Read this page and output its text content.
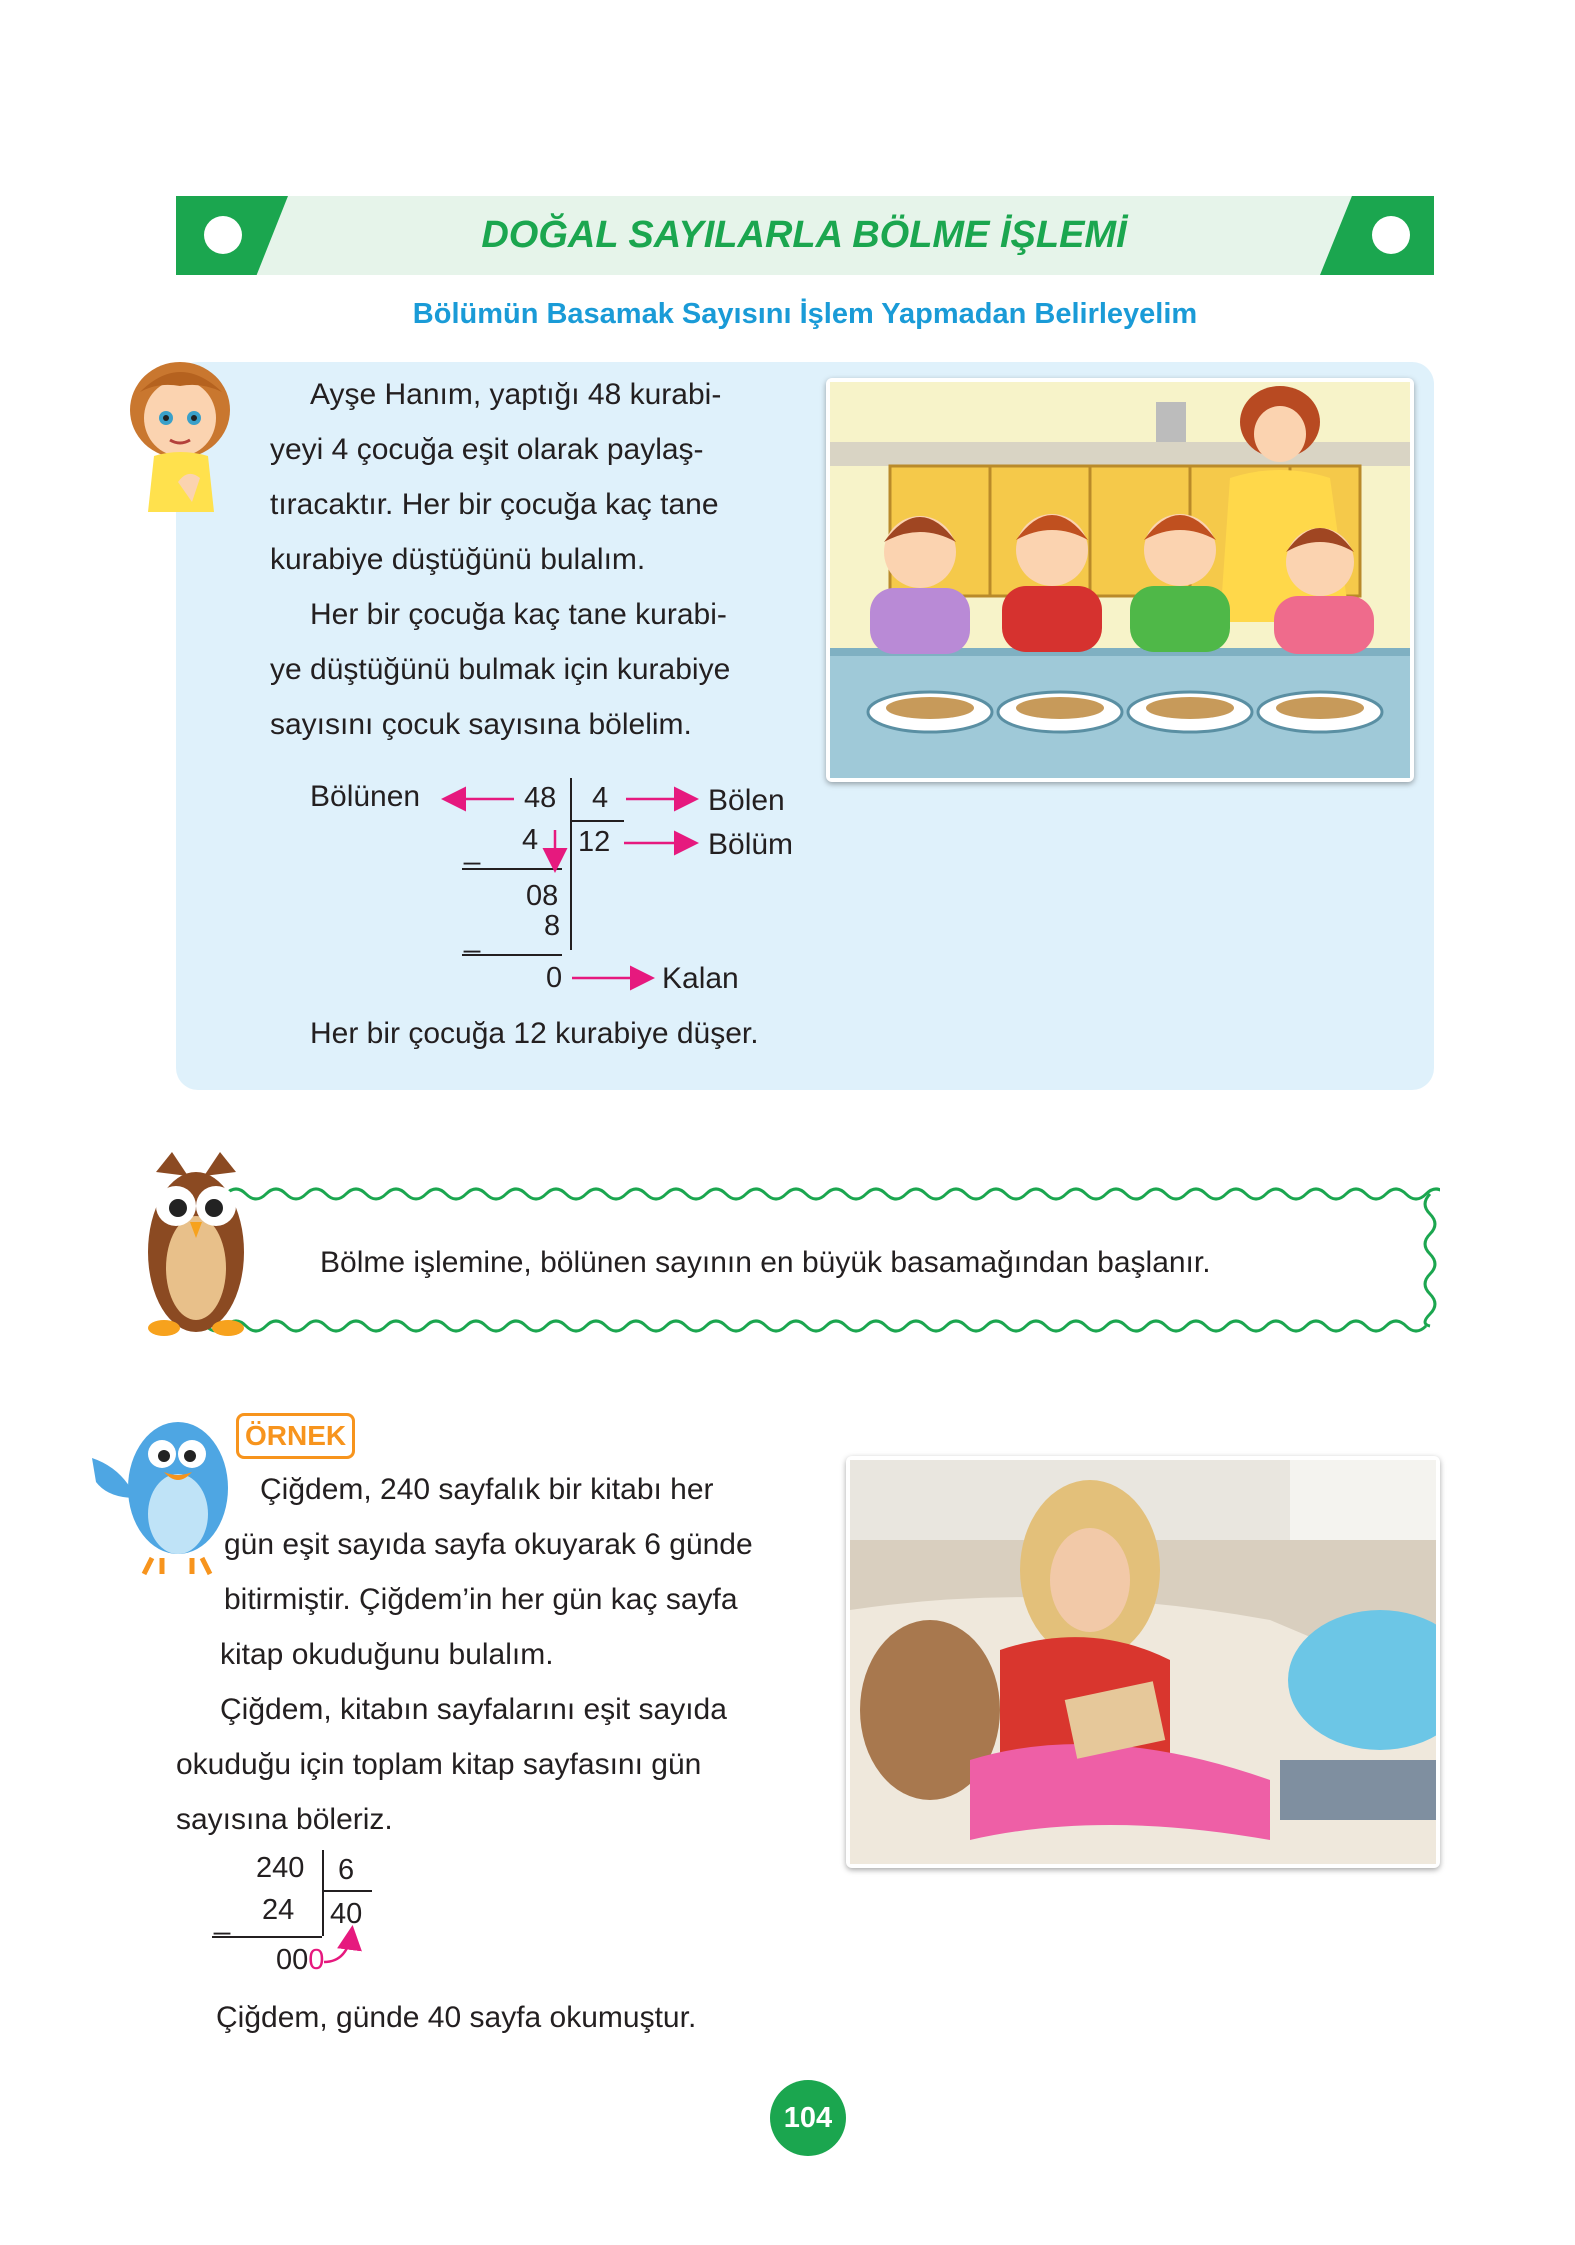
DOĞAL SAYILARLA BÖLME İŞLEMİ
Bölümün Basamak Sayısını İşlem Yapmadan Belirleyelim
Ayşe Hanım, yaptığı 48 kurabi-
yeyi 4 çocuğa eşit olarak paylaş-
tıracaktır. Her bir çocuğa kaç tane
kurabiye düştüğünü bulalım.
Her bir çocuğa kaç tane kurabi-
ye düştüğünü bulmak için kurabiye
sayısını çocuk sayısına bölelim.
Bölünen	48 4	Bölen
4 12	Bölüm
_
08
8
_
0	Kalan
Her bir çocuğa 12 kurabiye düşer.
Bölme işlemine, bölünen sayının en büyük basamağından başlanır.
ÖRNEK
Çiğdem, 240 sayfalık bir kitabı her
gün eşit sayıda sayfa okuyarak 6 günde
bitirmiştir. Çiğdem’in her gün kaç sayfa
kitap okuduğunu bulalım.
Çiğdem, kitabın sayfalarını eşit sayıda
okuduğu için toplam kitap sayfasını gün
sayısına böleriz.
240 6
24 40
_
000
Çiğdem, günde 40 sayfa okumuştur.
104
